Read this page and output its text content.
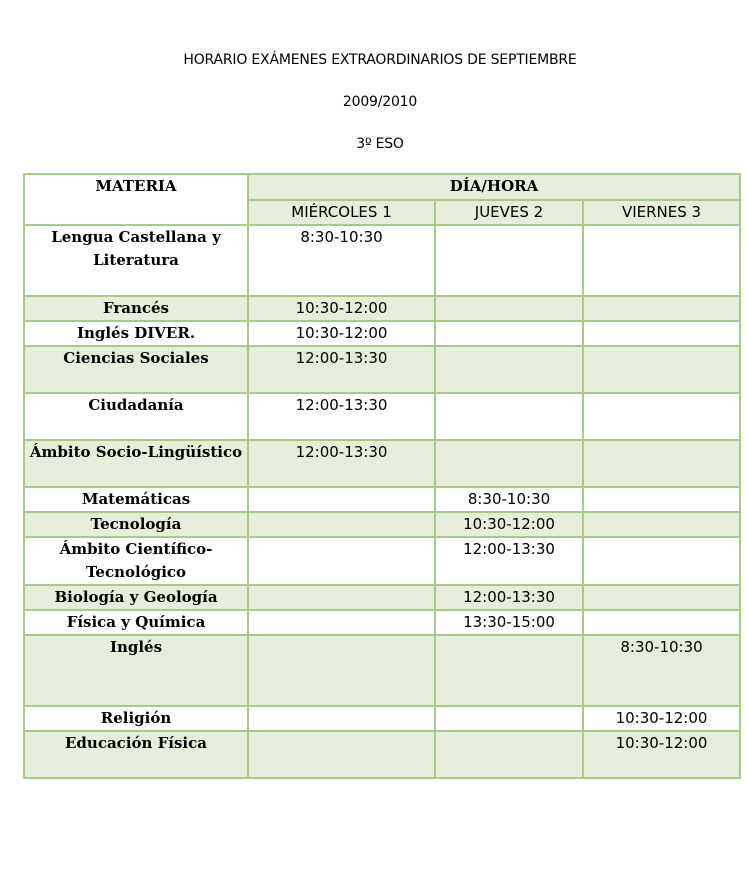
HORARIO EXÁMENES EXTRAORDINARIOS DE SEPTIEMBRE
2009/2010
3º ESO
MATERIA	DÍA/HORA		
	MIÉRCOLES 1	JUEVES 2	VIERNES 3
Lengua Castellana y Literatura	8:30-10:30		
Francés	10:30-12:00		
Inglés DIVER.	10:30-12:00		
Ciencias Sociales	12:00-13:30		
Ciudadanía	12:00-13:30		
Ámbito Socio-Lingüístico	12:00-13:30		
Matemáticas		8:30-10:30	
Tecnología		10:30-12:00	
Ámbito Científico-Tecnológico		12:00-13:30	
Biología y Geología		12:00-13:30	
Física y Química		13:30-15:00	
Inglés			8:30-10:30
Religión			10:30-12:00
Educación Física			10:30-12:00
